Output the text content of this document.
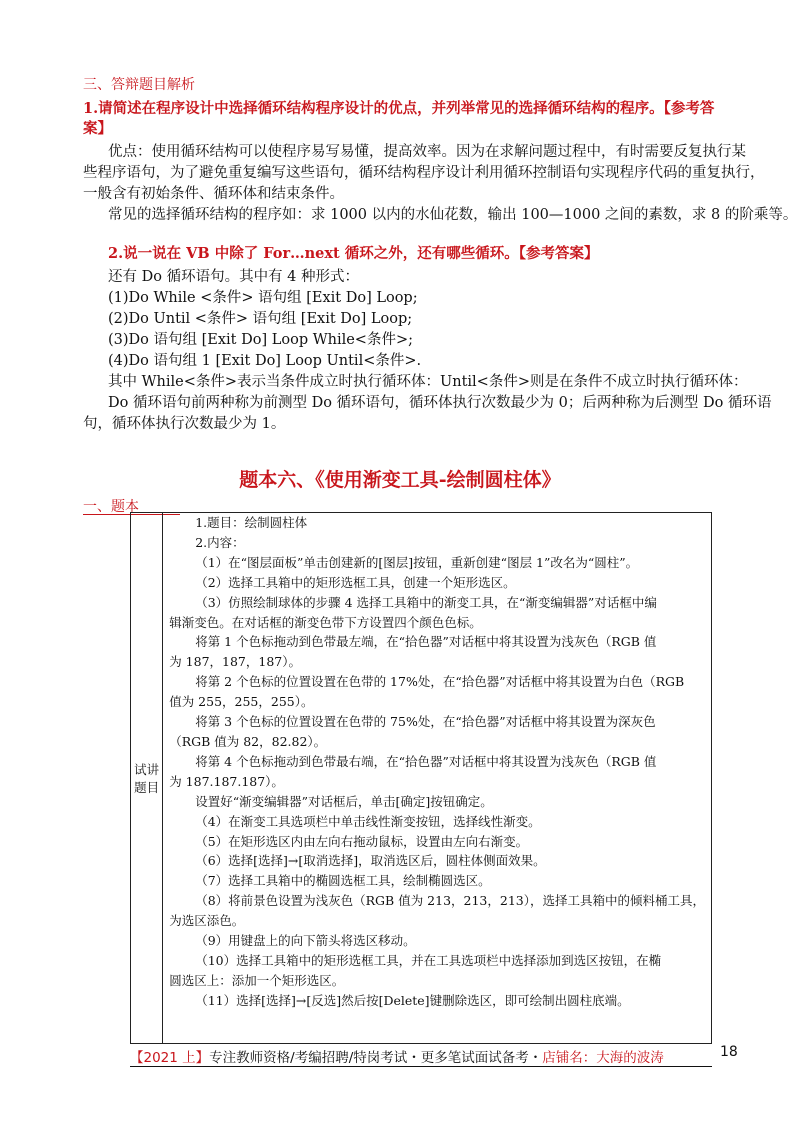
三、答辩题目解析
1.请简述在程序设计中选择循环结构程序设计的优点，并列举常见的选择循环结构的程序。【参考答
案】
优点：使用循环结构可以使程序易写易懂，提高效率。因为在求解问题过程中，有时需要反复执行某
些程序语句，为了避免重复编写这些语句，循环结构程序设计利用循环控制语句实现程序代码的重复执行，
一般含有初始条件、循环体和结束条件。
常见的选择循环结构的程序如：求 1000 以内的水仙花数，输出 100—1000 之间的素数，求 8 的阶乘等。
2.说一说在 VB 中除了 For…next 循环之外，还有哪些循环。【参考答案】
还有 Do 循环语句。其中有 4 种形式：
(1)Do While <条件> 语句组 [Exit Do] Loop;
(2)Do Until <条件> 语句组 [Exit Do] Loop;
(3)Do 语句组 [Exit Do] Loop While<条件>;
(4)Do 语句组 1 [Exit Do] Loop Until<条件>.
其中 While<条件>表示当条件成立时执行循环体：Until<条件>则是在条件不成立时执行循环体：
Do 循环语句前两种称为前测型 Do 循环语句，循环体执行次数最少为 0；后两种称为后测型 Do 循环语
句，循环体执行次数最少为 1。
题本六、《使用渐变工具-绘制圆柱体》
一、题本
试讲题目	
1.题目：绘制圆柱体
2.内容：
（1）在“图层面板”单击创建新的[图层]按钮，重新创建“图层 1”改名为“圆柱”。
（2）选择工具箱中的矩形选框工具，创建一个矩形选区。
（3）仿照绘制球体的步骤 4 选择工具箱中的渐变工具，在“渐变编辑器”对话框中编
辑渐变色。在对话框的渐变色带下方设置四个颜色色标。
将第 1 个色标拖动到色带最左端，在“拾色器”对话框中将其设置为浅灰色（RGB 值
为 187，187，187）。
将第 2 个色标的位置设置在色带的 17%处，在“拾色器”对话框中将其设置为白色（RGB
值为 255，255，255）。
将第 3 个色标的位置设置在色带的 75%处，在“拾色器”对话框中将其设置为深灰色
（RGB 值为 82，82.82）。
将第 4 个色标拖动到色带最右端，在“拾色器”对话框中将其设置为浅灰色（RGB 值
为 187.187.187）。
设置好“渐变编辑器”对话框后，单击[确定]按钮确定。
（4）在渐变工具选项栏中单击线性渐变按钮，选择线性渐变。
（5）在矩形选区内由左向右拖动鼠标，设置由左向右渐变。
（6）选择[选择]→[取消选择]，取消选区后，圆柱体侧面效果。
（7）选择工具箱中的椭圆选框工具，绘制椭圆选区。
（8）将前景色设置为浅灰色（RGB 值为 213，213，213），选择工具箱中的倾料桶工具，
为选区添色。
（9）用键盘上的向下箭头将选区移动。
（10）选择工具箱中的矩形选框工具，并在工具选项栏中选择添加到选区按钮，在椭
圆选区上：添加一个矩形选区。
（11）选择[选择]→[反选]然后按[Delete]键删除选区，即可绘制出圆柱底端。
【2021 上】专注教师资格/考编招聘/特岗考试・更多笔试面试备考・店铺名：大海的波涛	18
